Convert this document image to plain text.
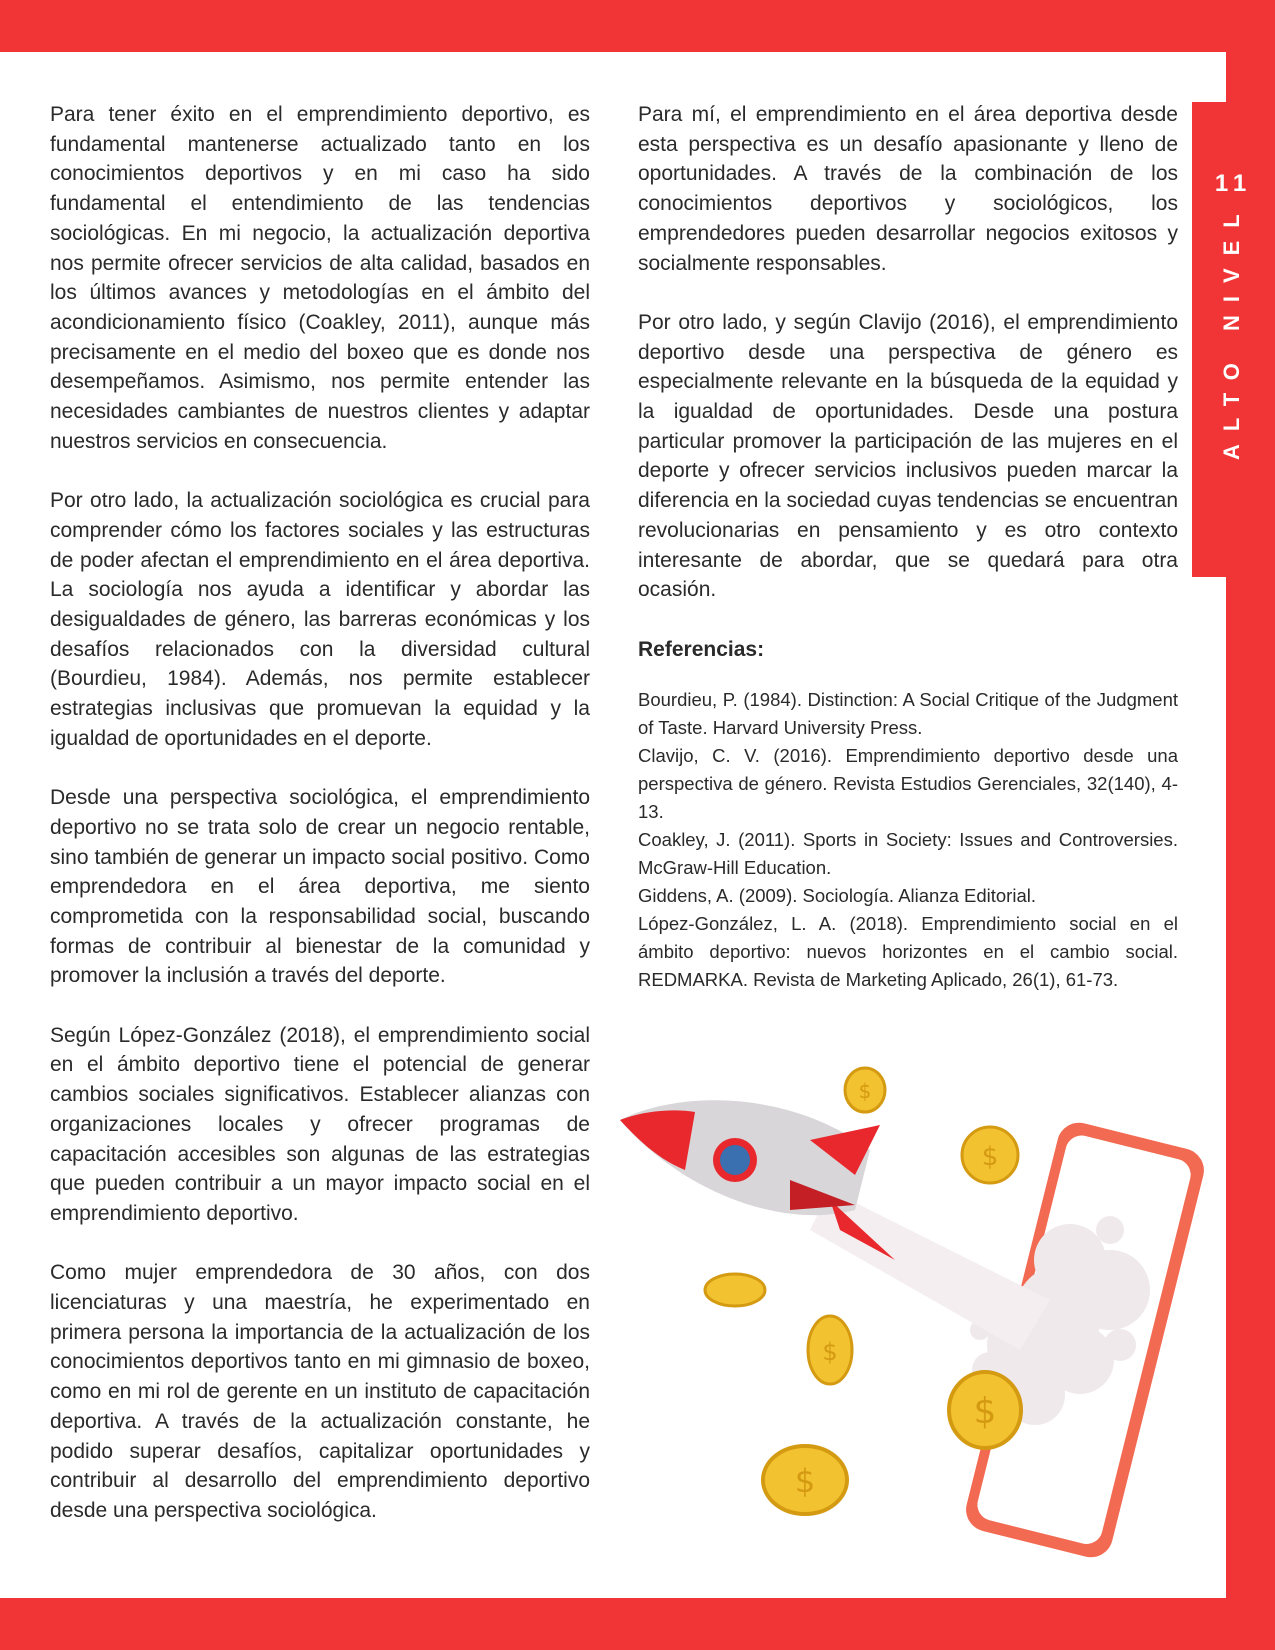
11
ALTO NIVEL

Para tener éxito en el emprendimiento deportivo, es fundamental mantenerse actualizado tanto en los conocimientos deportivos y en mi caso ha sido fundamental el entendimiento de las tendencias sociológicas. En mi negocio, la actualización deportiva nos permite ofrecer servicios de alta calidad, basados en los últimos avances y metodologías en el ámbito del acondicionamiento físico (Coakley, 2011), aunque más precisamente en el medio del boxeo que es donde nos desempeñamos. Asimismo, nos permite entender las necesidades cambiantes de nuestros clientes y adaptar nuestros servicios en consecuencia.

Por otro lado, la actualización sociológica es crucial para comprender cómo los factores sociales y las estructuras de poder afectan el emprendimiento en el área deportiva. La sociología nos ayuda a identificar y abordar las desigualdades de género, las barreras económicas y los desafíos relacionados con la diversidad cultural (Bourdieu, 1984). Además, nos permite establecer estrategias inclusivas que promuevan la equidad y la igualdad de oportunidades en el deporte.

Desde una perspectiva sociológica, el emprendimiento deportivo no se trata solo de crear un negocio rentable, sino también de generar un impacto social positivo. Como emprendedora en el área deportiva, me siento comprometida con la responsabilidad social, buscando formas de contribuir al bienestar de la comunidad y promover la inclusión a través del deporte.

Según López-González (2018), el emprendimiento social en el ámbito deportivo tiene el potencial de generar cambios sociales significativos. Establecer alianzas con organizaciones locales y ofrecer programas de capacitación accesibles son algunas de las estrategias que pueden contribuir a un mayor impacto social en el emprendimiento deportivo.

Como mujer emprendedora de 30 años, con dos licenciaturas y una maestría, he experimentado en primera persona la importancia de la actualización de los conocimientos deportivos tanto en mi gimnasio de boxeo, como en mi rol de gerente en un instituto de capacitación deportiva. A través de la actualización constante, he podido superar desafíos, capitalizar oportunidades y contribuir al desarrollo del emprendimiento deportivo desde una perspectiva sociológica.

Para mí, el emprendimiento en el área deportiva desde esta perspectiva es un desafío apasionante y lleno de oportunidades. A través de la combinación de los conocimientos deportivos y sociológicos, los emprendedores pueden desarrollar negocios exitosos y socialmente responsables.

Por otro lado, y según Clavijo (2016), el emprendimiento deportivo desde una perspectiva de género es especialmente relevante en la búsqueda de la equidad y la igualdad de oportunidades. Desde una postura particular promover la participación de las mujeres en el deporte y ofrecer servicios inclusivos pueden marcar la diferencia en la sociedad cuyas tendencias se encuentran revolucionarias en pensamiento y es otro contexto interesante de abordar, que se quedará para otra ocasión.

Referencias:

Bourdieu, P. (1984). Distinction: A Social Critique of the Judgment of Taste. Harvard University Press.

Clavijo, C. V. (2016). Emprendimiento deportivo desde una perspectiva de género. Revista Estudios Gerenciales, 32(140), 4-13.

Coakley, J. (2011). Sports in Society: Issues and Controversies. McGraw-Hill Education.

Giddens, A. (2009). Sociología. Alianza Editorial.

López-González, L. A. (2018). Emprendimiento social en el ámbito deportivo: nuevos horizontes en el cambio social. REDMARKA. Revista de Marketing Aplicado, 26(1), 61-73.

$
$
$
$
$
